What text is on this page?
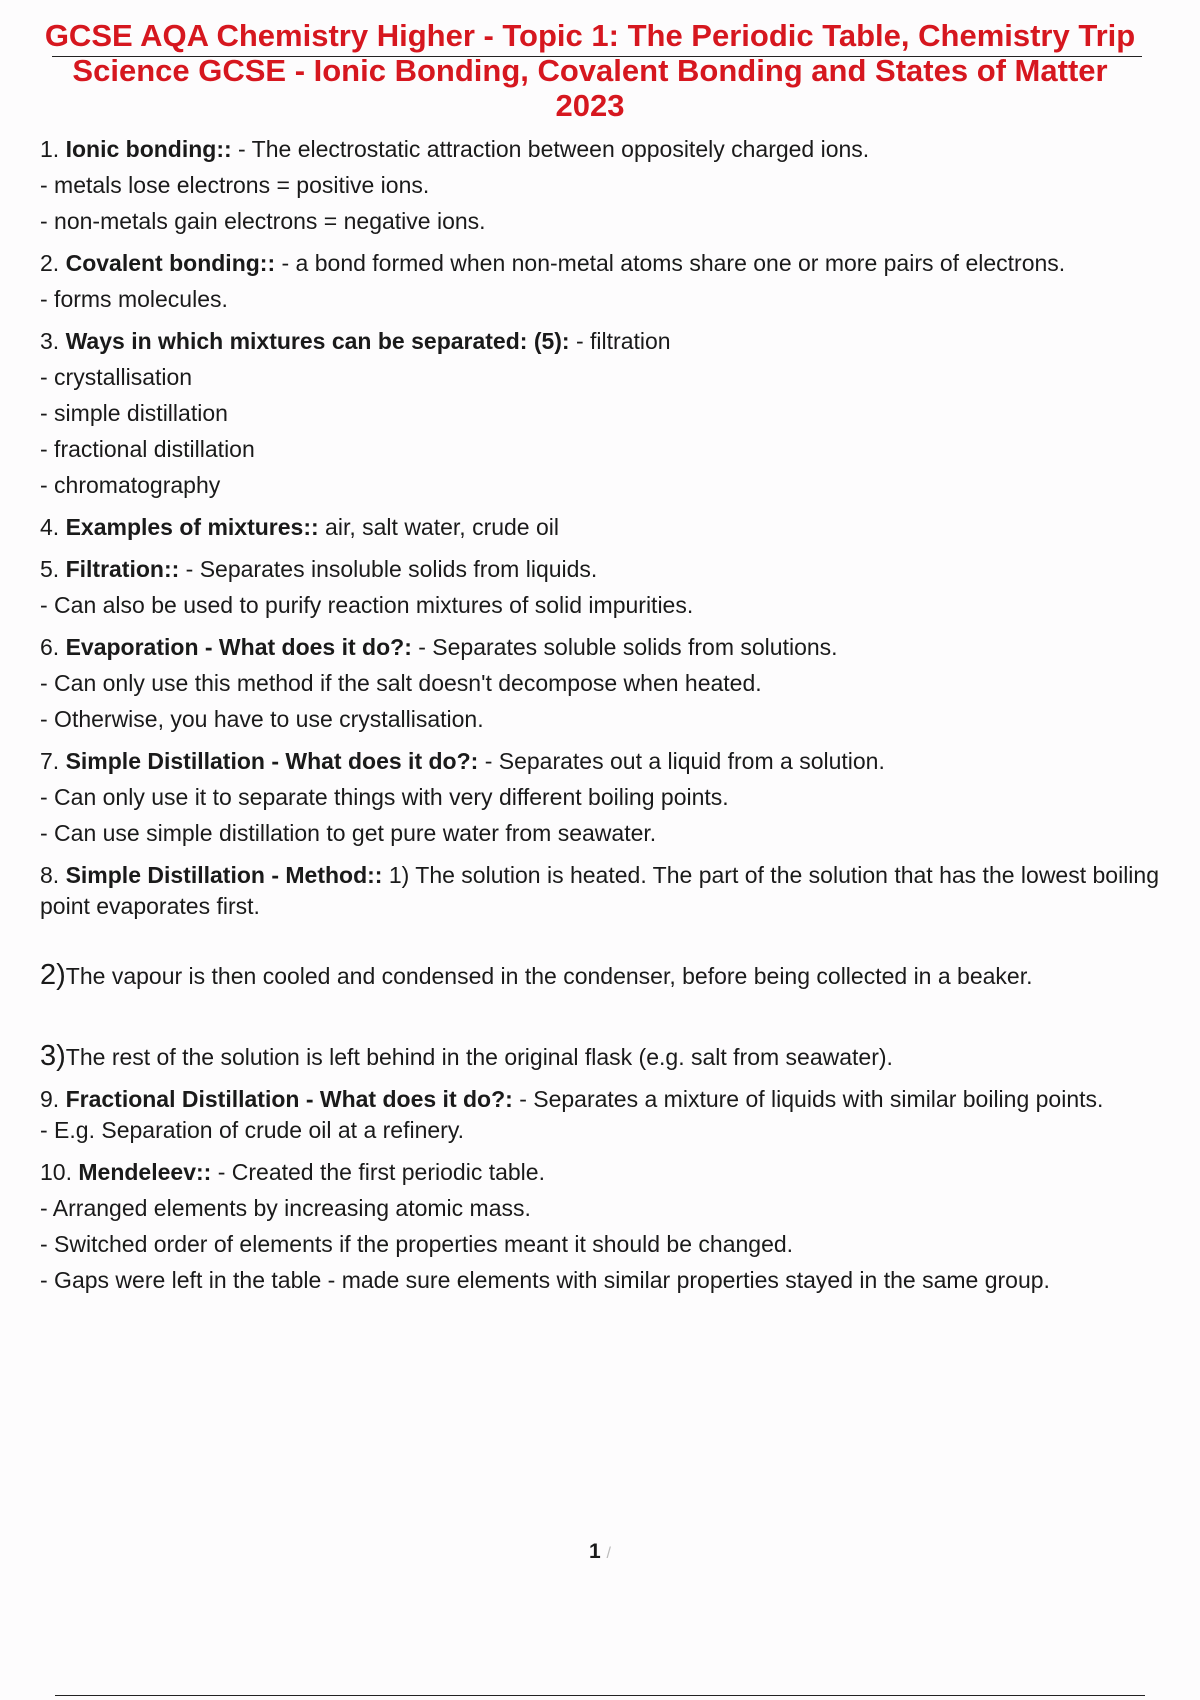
GCSE AQA Chemistry Higher - Topic 1: The Periodic Table, Chemistry Trip Science GCSE - Ionic Bonding, Covalent Bonding and States of Matter 2023
1. Ionic bonding:: - The electrostatic attraction between oppositely charged ions.
- metals lose electrons = positive ions.
- non-metals gain electrons = negative ions.
2. Covalent bonding:: - a bond formed when non-metal atoms share one or more pairs of electrons.
- forms molecules.
3. Ways in which mixtures can be separated: (5): - filtration
- crystallisation
- simple distillation
- fractional distillation
- chromatography
4. Examples of mixtures:: air, salt water, crude oil
5. Filtration:: - Separates insoluble solids from liquids.
- Can also be used to purify reaction mixtures of solid impurities.
6. Evaporation - What does it do?: - Separates soluble solids from solutions.
- Can only use this method if the salt doesn't decompose when heated.
- Otherwise, you have to use crystallisation.
7. Simple Distillation - What does it do?: - Separates out a liquid from a solution.
- Can only use it to separate things with very different boiling points.
- Can use simple distillation to get pure water from seawater.
8. Simple Distillation - Method:: 1) The solution is heated. The part of the solution that has the lowest boiling point evaporates first.
2)The vapour is then cooled and condensed in the condenser, before being collected in a beaker.
3)The rest of the solution is left behind in the original flask (e.g. salt from seawater).
9. Fractional Distillation - What does it do?: - Separates a mixture of liquids with similar boiling points.
- E.g. Separation of crude oil at a refinery.
10. Mendeleev:: - Created the first periodic table.
- Arranged elements by increasing atomic mass.
- Switched order of elements if the properties meant it should be changed.
- Gaps were left in the table - made sure elements with similar properties stayed in the same group.
1 /
